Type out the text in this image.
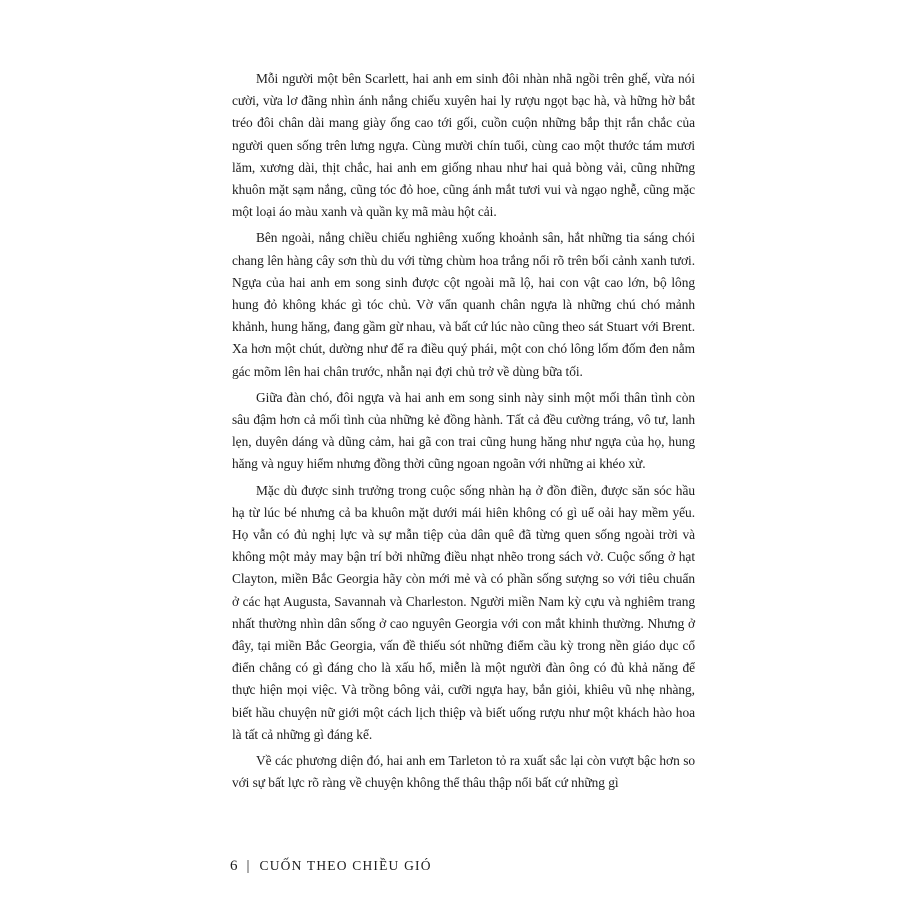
Mỗi người một bên Scarlett, hai anh em sinh đôi nhàn nhã ngồi trên ghế, vừa nói cười, vừa lơ đãng nhìn ánh nắng chiếu xuyên hai ly rượu ngọt bạc hà, và hững hờ bắt tréo đôi chân dài mang giày ống cao tới gối, cuồn cuộn những bắp thịt rắn chắc của người quen sống trên lưng ngựa. Cùng mười chín tuổi, cùng cao một thước tám mươi lăm, xương dài, thịt chắc, hai anh em giống nhau như hai quả bòng vải, cũng những khuôn mặt sạm nắng, cũng tóc đỏ hoe, cũng ánh mắt tươi vui và ngạo nghễ, cũng mặc một loại áo màu xanh và quần kỵ mã màu hột cải.

Bên ngoài, nắng chiều chiếu nghiêng xuống khoảnh sân, hắt những tia sáng chói chang lên hàng cây sơn thù du với từng chùm hoa trắng nổi rõ trên bối cảnh xanh tươi. Ngựa của hai anh em song sinh được cột ngoài mã lộ, hai con vật cao lớn, bộ lông hung đỏ không khác gì tóc chủ. Vờ vẩn quanh chân ngựa là những chú chó mảnh khảnh, hung hăng, đang gầm gừ nhau, và bất cứ lúc nào cũng theo sát Stuart với Brent. Xa hơn một chút, dường như để ra điều quý phái, một con chó lông lốm đốm đen nằm gác mõm lên hai chân trước, nhẫn nại đợi chủ trở về dùng bữa tối.

Giữa đàn chó, đôi ngựa và hai anh em song sinh này sinh một mối thân tình còn sâu đậm hơn cả mối tình của những kẻ đồng hành. Tất cả đều cường tráng, vô tư, lanh lẹn, duyên dáng và dũng cảm, hai gã con trai cũng hung hăng như ngựa của họ, hung hăng và nguy hiểm nhưng đồng thời cũng ngoan ngoãn với những ai khéo xử.

Mặc dù được sinh trưởng trong cuộc sống nhàn hạ ở đồn điền, được săn sóc hầu hạ từ lúc bé nhưng cả ba khuôn mặt dưới mái hiên không có gì uể oải hay mềm yếu. Họ vẫn có đủ nghị lực và sự mẫn tiệp của dân quê đã từng quen sống ngoài trời và không một mảy may bận trí bởi những điều nhạt nhẽo trong sách vở. Cuộc sống ở hạt Clayton, miền Bắc Georgia hãy còn mới mẻ và có phần sống sượng so với tiêu chuẩn ở các hạt Augusta, Savannah và Charleston. Người miền Nam kỳ cựu và nghiêm trang nhất thường nhìn dân sống ở cao nguyên Georgia với con mắt khinh thường. Nhưng ở đây, tại miền Bắc Georgia, vấn đề thiếu sót những điểm cầu kỳ trong nền giáo dục cổ điển chẳng có gì đáng cho là xấu hổ, miễn là một người đàn ông có đủ khả năng để thực hiện mọi việc. Và trồng bông vải, cưỡi ngựa hay, bắn giỏi, khiêu vũ nhẹ nhàng, biết hầu chuyện nữ giới một cách lịch thiệp và biết uống rượu như một khách hào hoa là tất cả những gì đáng kể.

Về các phương diện đó, hai anh em Tarleton tỏ ra xuất sắc lại còn vượt bậc hơn so với sự bất lực rõ ràng về chuyện không thể thâu thập nổi bất cứ những gì

6 | CUỐN THEO CHIỀU GIÓ
